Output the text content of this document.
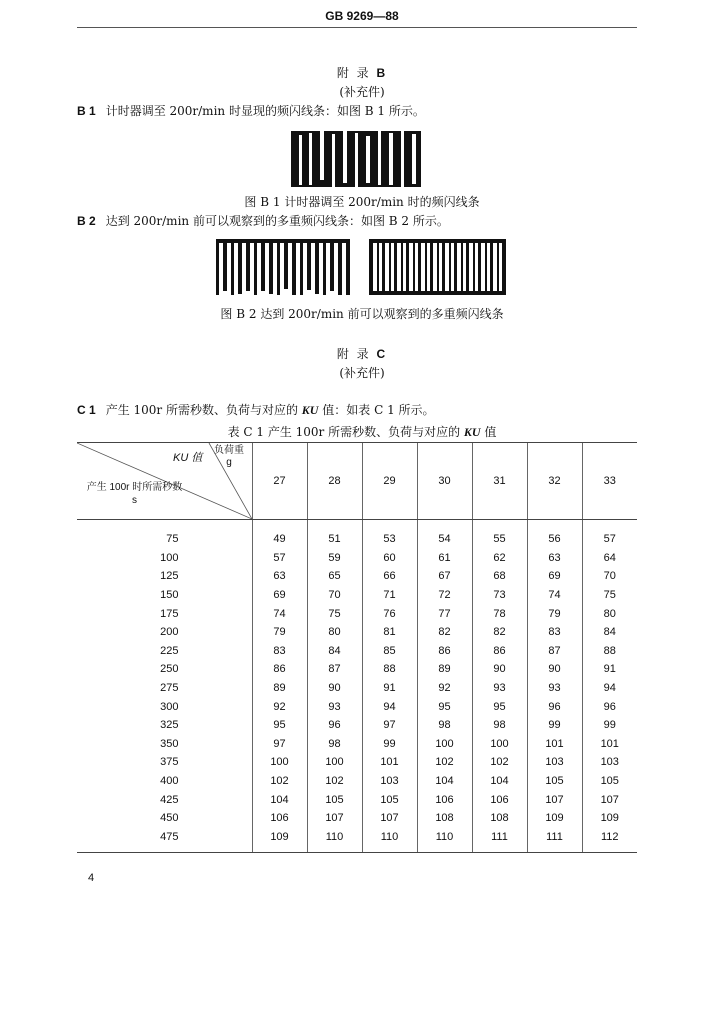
GB 9269—88
附 录 B
(补充件)
B 1 计时器调至 200r/min 时显现的频闪线条：如图 B 1 所示。
图 B 1 计时器调至 200r/min 时的频闪线条
B 2 达到 200r/min 前可以观察到的多重频闪线条：如图 B 2 所示。
图 B 2 达到 200r/min 前可以观察到的多重频闪线条
附 录 C
(补充件)
C 1 产生 100r 所需秒数、负荷与对应的 KU 值：如表 C 1 所示。
表 C 1 产生 100r 所需秒数、负荷与对应的 KU 值
KU 值
负荷重
g
产生 100r 时所需秒数
s	27	28	29	30	31	32	33
75	49	51	53	54	55	56	57
100	57	59	60	61	62	63	64
125	63	65	66	67	68	69	70
150	69	70	71	72	73	74	75
175	74	75	76	77	78	79	80
200	79	80	81	82	82	83	84
225	83	84	85	86	86	87	88
250	86	87	88	89	90	90	91
275	89	90	91	92	93	93	94
300	92	93	94	95	95	96	96
325	95	96	97	98	98	99	99
350	97	98	99	100	100	101	101
375	100	100	101	102	102	103	103
400	102	102	103	104	104	105	105
425	104	105	105	106	106	107	107
450	106	107	107	108	108	109	109
475	109	110	110	110	111	111	112
4
